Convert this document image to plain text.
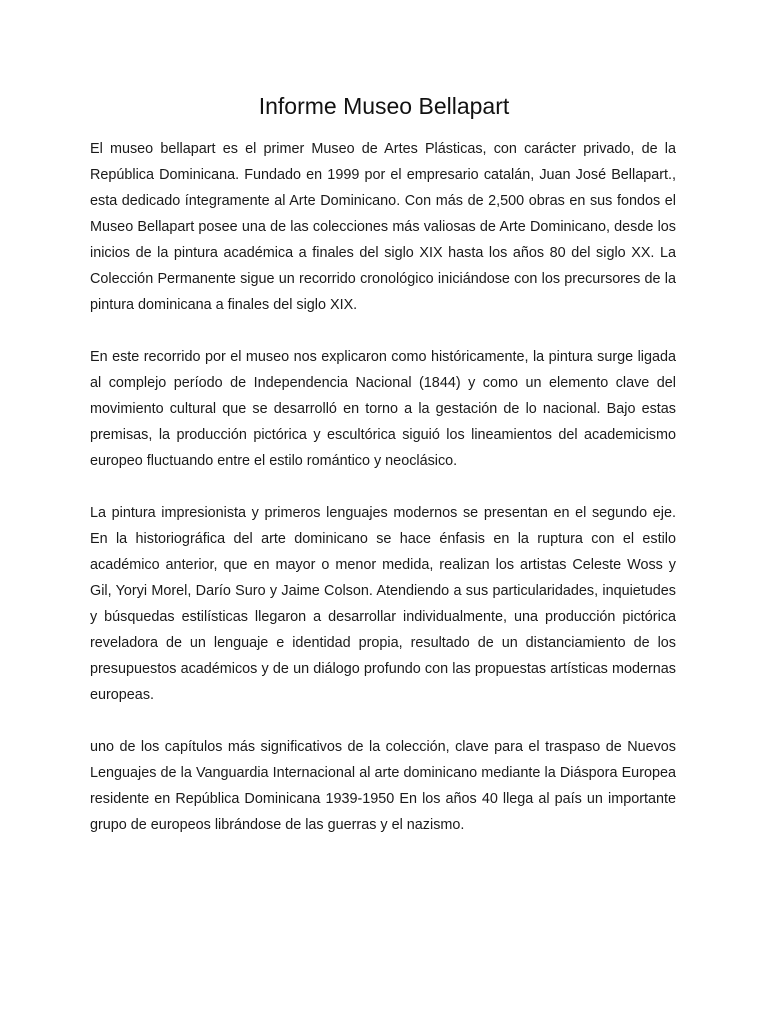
Informe Museo Bellapart

El museo bellapart es el primer Museo de Artes Plásticas, con carácter privado, de la República Dominicana. Fundado en 1999 por el empresario catalán, Juan José Bellapart., esta dedicado íntegramente al Arte Dominicano. Con más de 2,500 obras en sus fondos el Museo Bellapart posee una de las colecciones más valiosas de Arte Dominicano, desde los inicios de la pintura académica a finales del siglo XIX hasta los años 80 del siglo XX. La Colección Permanente sigue un recorrido cronológico iniciándose con los precursores de la pintura dominicana a finales del siglo XIX.

En este recorrido por el museo nos explicaron como históricamente, la pintura surge ligada al complejo período de Independencia Nacional (1844) y como un elemento clave del movimiento cultural que se desarrolló en torno a la gestación de lo nacional. Bajo estas premisas, la producción pictórica y escultórica siguió los lineamientos del academicismo europeo fluctuando entre el estilo romántico y neoclásico.

La pintura impresionista y primeros lenguajes modernos se presentan en el segundo eje. En la historiográfica del arte dominicano se hace énfasis en la ruptura con el estilo académico anterior, que en mayor o menor medida, realizan los artistas Celeste Woss y Gil, Yoryi Morel, Darío Suro y Jaime Colson. Atendiendo a sus particularidades, inquietudes y búsquedas estilísticas llegaron a desarrollar individualmente, una producción pictórica reveladora de un lenguaje e identidad propia, resultado de un distanciamiento de los presupuestos académicos y de un diálogo profundo con las propuestas artísticas modernas europeas.

uno de los capítulos más significativos de la colección, clave para el traspaso de Nuevos Lenguajes de la Vanguardia Internacional al arte dominicano mediante la Diáspora Europea residente en República Dominicana 1939-1950 En los años 40 llega al país un importante grupo de europeos librándose de las guerras y el nazismo.
